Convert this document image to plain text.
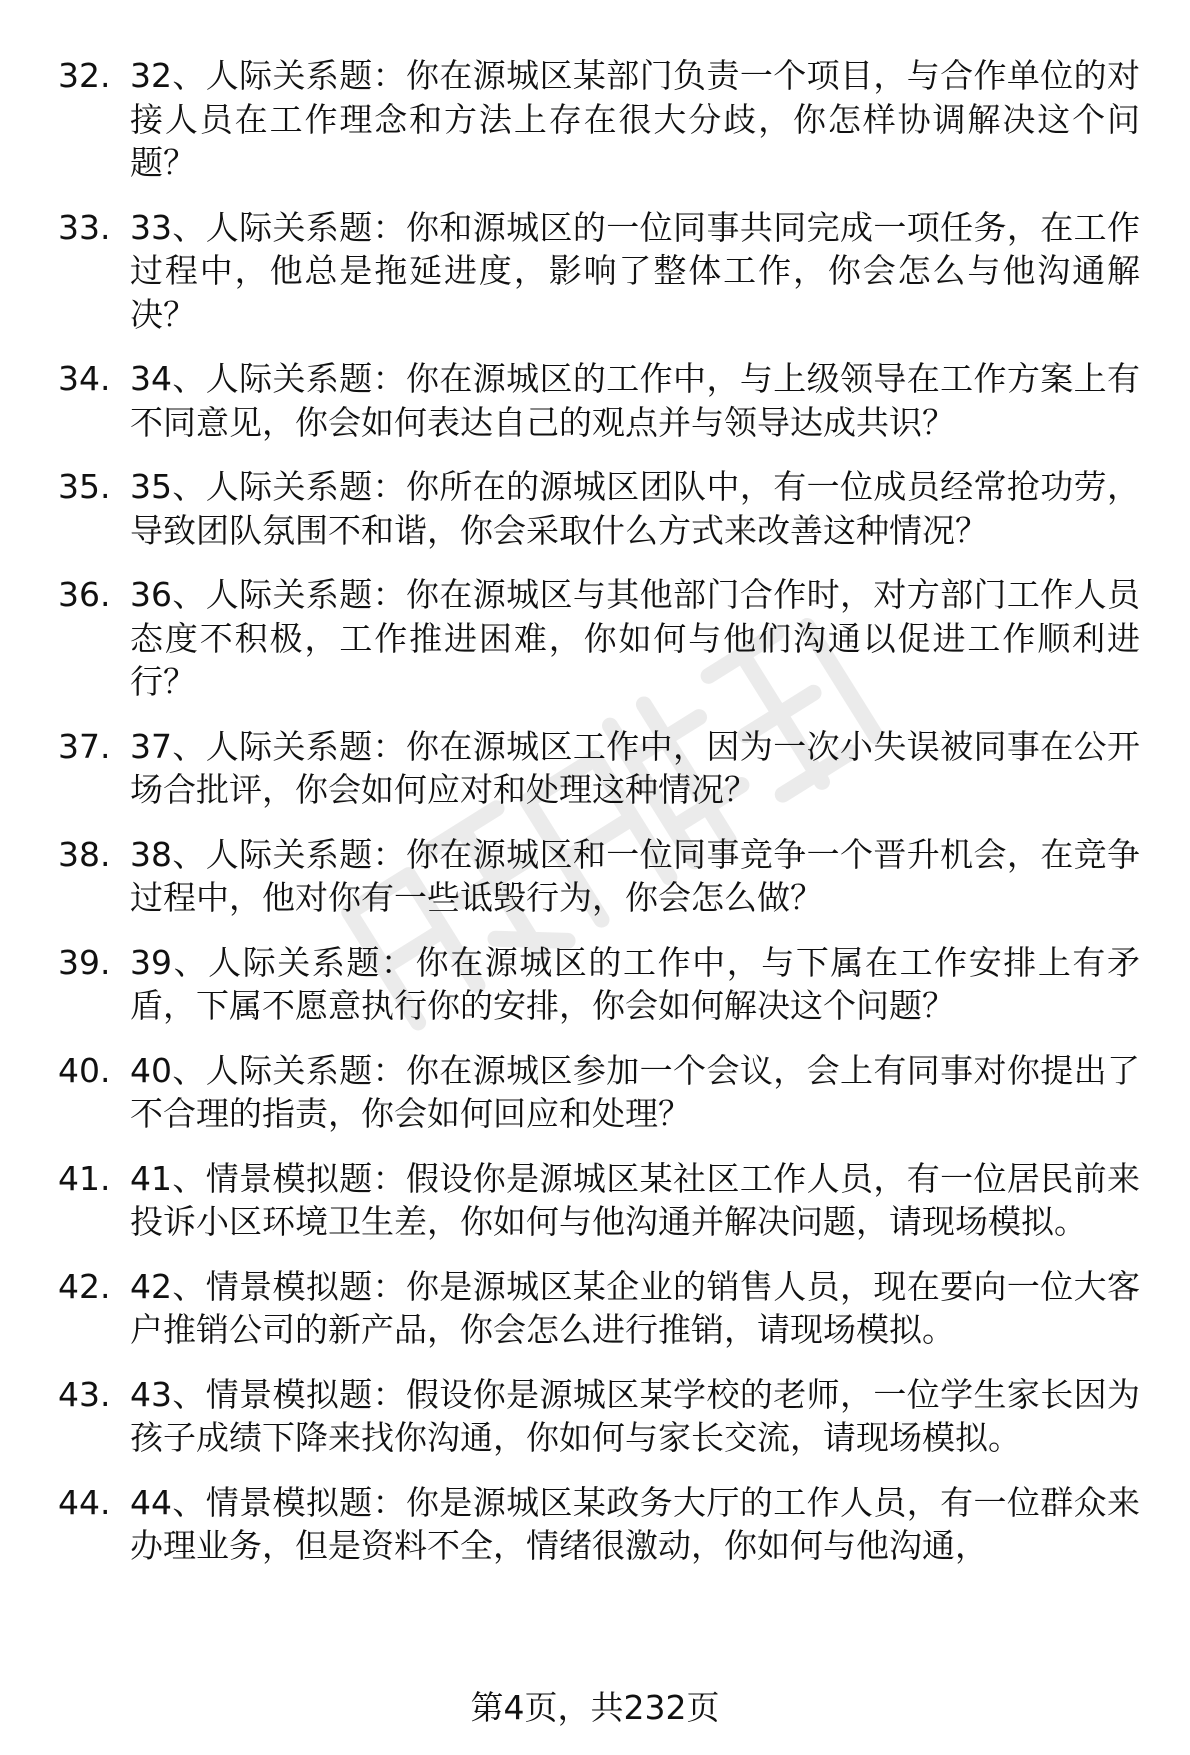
32. 32、人际关系题：你在源城区某部门负责一个项目，与合作单位的对接人员在工作理念和方法上存在很大分歧，你怎样协调解决这个问题？
33. 33、人际关系题：你和源城区的一位同事共同完成一项任务，在工作过程中，他总是拖延进度，影响了整体工作，你会怎么与他沟通解决？
34. 34、人际关系题：你在源城区的工作中，与上级领导在工作方案上有不同意见，你会如何表达自己的观点并与领导达成共识？
35. 35、人际关系题：你所在的源城区团队中，有一位成员经常抢功劳，导致团队氛围不和谐，你会采取什么方式来改善这种情况？
36. 36、人际关系题：你在源城区与其他部门合作时，对方部门工作人员态度不积极，工作推进困难，你如何与他们沟通以促进工作顺利进行？
37. 37、人际关系题：你在源城区工作中，因为一次小失误被同事在公开场合批评，你会如何应对和处理这种情况？
38. 38、人际关系题：你在源城区和一位同事竞争一个晋升机会，在竞争过程中，他对你有一些诋毁行为，你会怎么做？
39. 39、人际关系题：你在源城区的工作中，与下属在工作安排上有矛盾，下属不愿意执行你的安排，你会如何解决这个问题？
40. 40、人际关系题：你在源城区参加一个会议，会上有同事对你提出了不合理的指责，你会如何回应和处理？
41. 41、情景模拟题：假设你是源城区某社区工作人员，有一位居民前来投诉小区环境卫生差，你如何与他沟通并解决问题，请现场模拟。
42. 42、情景模拟题：你是源城区某企业的销售人员，现在要向一位大客户推销公司的新产品，你会怎么进行推销，请现场模拟。
43. 43、情景模拟题：假设你是源城区某学校的老师，一位学生家长因为孩子成绩下降来找你沟通，你如何与家长交流，请现场模拟。
44. 44、情景模拟题：你是源城区某政务大厅的工作人员，有一位群众来办理业务，但是资料不全，情绪很激动，你如何与他沟通，
第4页，共232页
